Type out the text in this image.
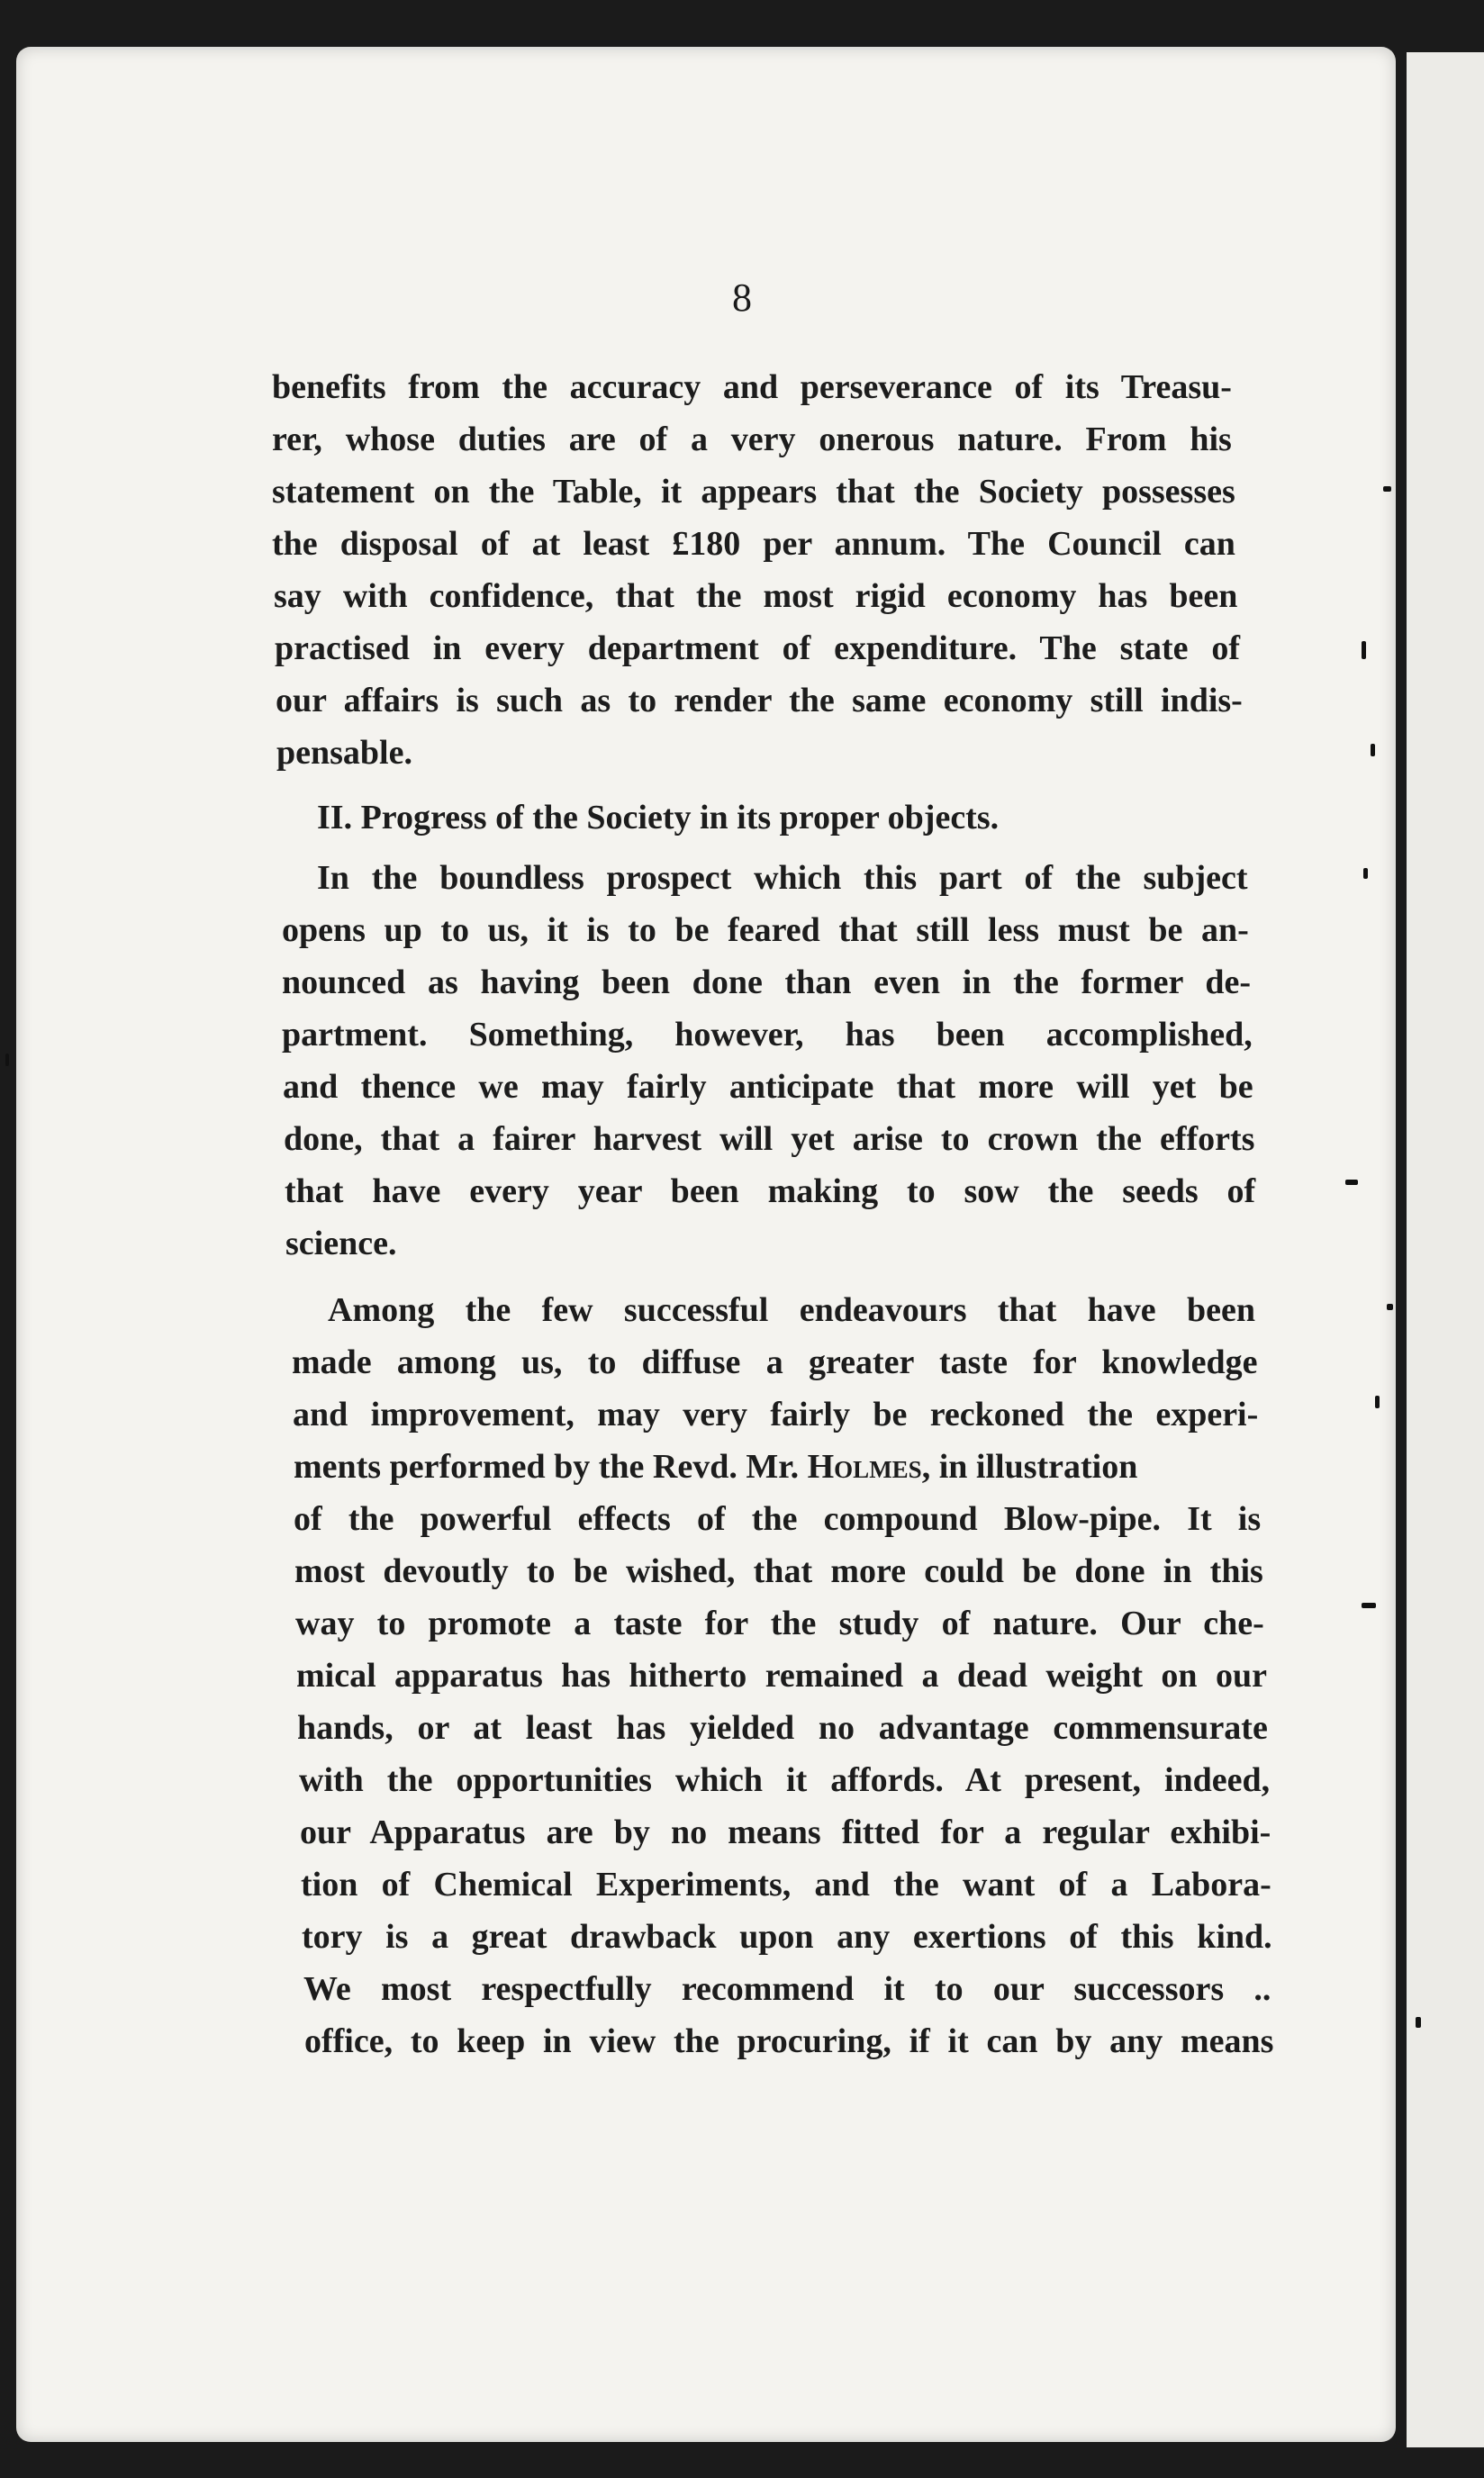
8
benefits from the accuracy and perseverance of its Treasu-
rer, whose duties are of a very onerous nature. From his
statement on the Table, it appears that the Society possesses
the disposal of at least £180 per annum. The Council can
say with confidence, that the most rigid economy has been
practised in every department of expenditure. The state of
our affairs is such as to render the same economy still indis-
pensable.
II. Progress of the Society in its proper objects.
In the boundless prospect which this part of the subject
opens up to us, it is to be feared that still less must be an-
nounced as having been done than even in the former de-
partment. Something, however, has been accomplished,
and thence we may fairly anticipate that more will yet be
done, that a fairer harvest will yet arise to crown the efforts
that have every year been making to sow the seeds of
science.
Among the few successful endeavours that have been
made among us, to diffuse a greater taste for knowledge
and improvement, may very fairly be reckoned the experi-
ments performed by the Revd. Mr. Holmes, in illustration
of the powerful effects of the compound Blow-pipe. It is
most devoutly to be wished, that more could be done in this
way to promote a taste for the study of nature. Our che-
mical apparatus has hitherto remained a dead weight on our
hands, or at least has yielded no advantage commensurate
with the opportunities which it affords. At present, indeed,
our Apparatus are by no means fitted for a regular exhibi-
tion of Chemical Experiments, and the want of a Labora-
tory is a great drawback upon any exertions of this kind.
We most respectfully recommend it to our successors ..
office, to keep in view the procuring, if it can by any means
